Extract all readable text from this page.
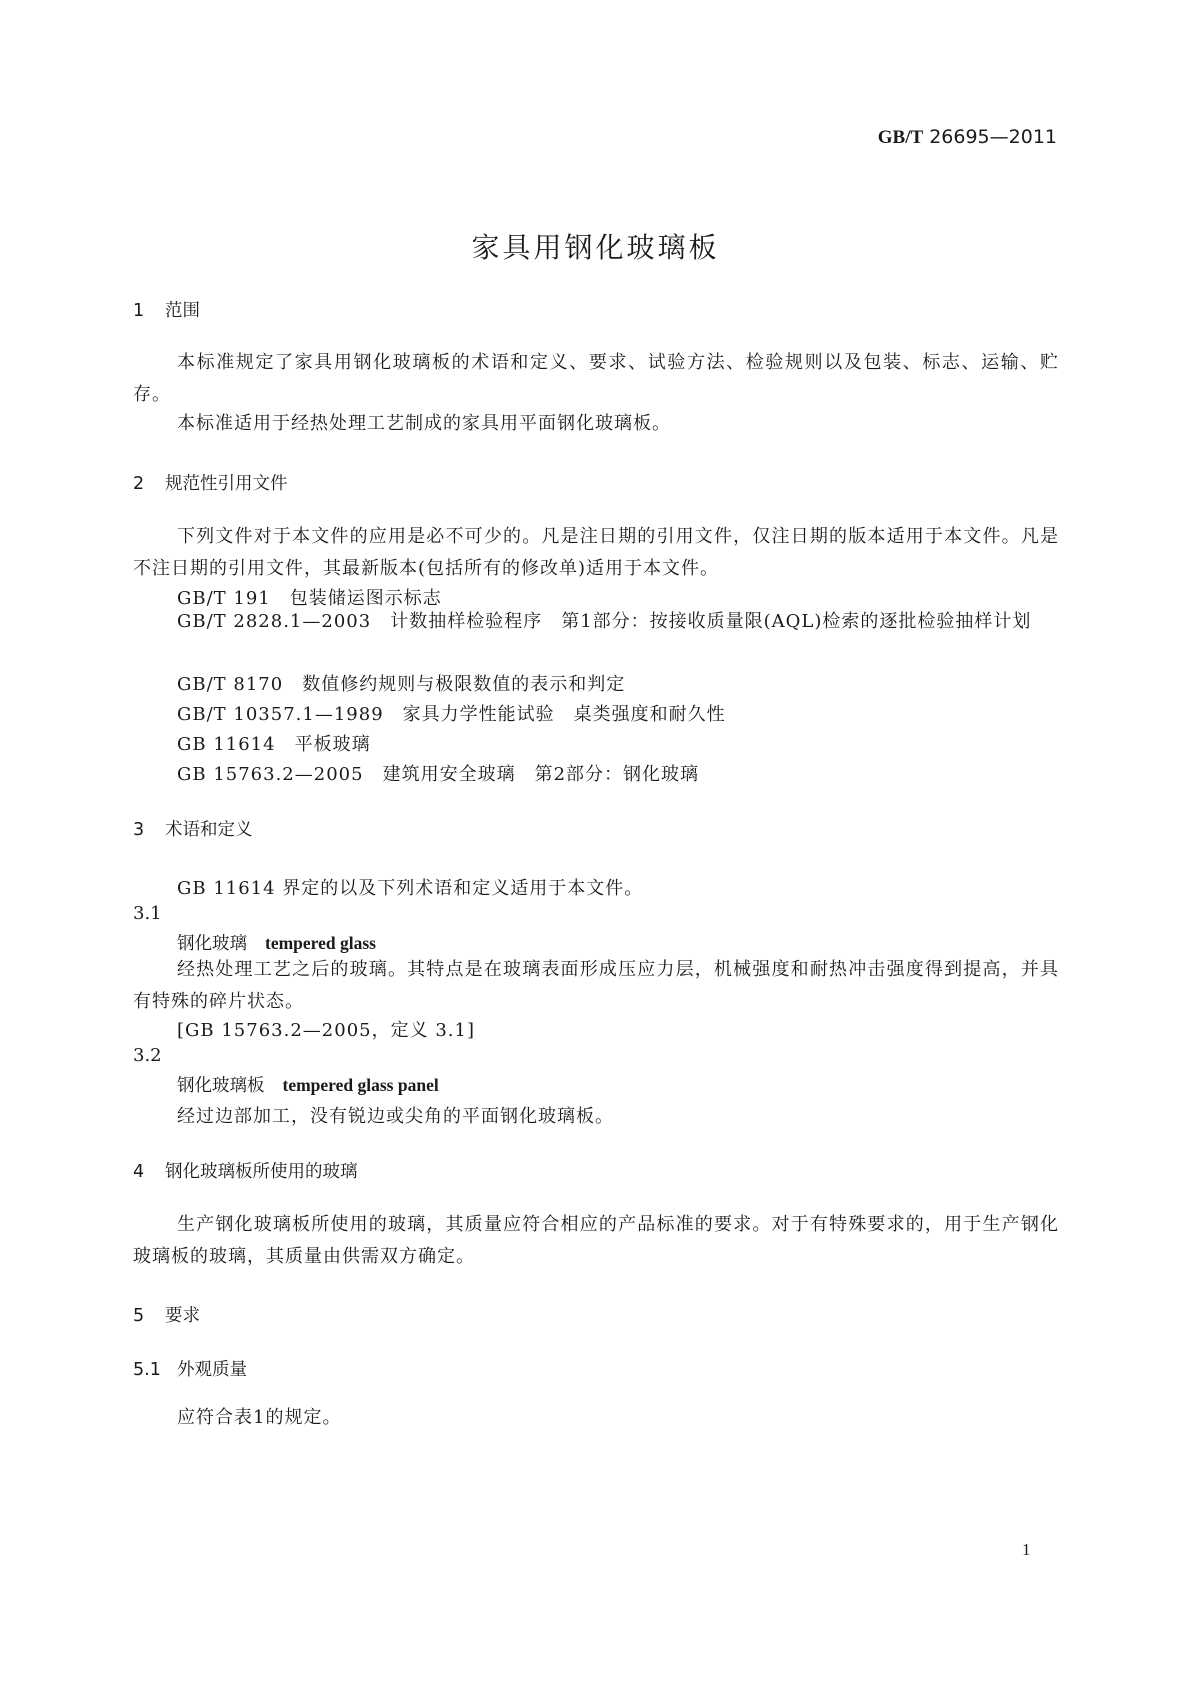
GB/T 26695—2011
家具用钢化玻璃板
1 范围
本标准规定了家具用钢化玻璃板的术语和定义、要求、试验方法、检验规则以及包装、标志、运输、贮存。
本标准适用于经热处理工艺制成的家具用平面钢化玻璃板。
2 规范性引用文件
下列文件对于本文件的应用是必不可少的。凡是注日期的引用文件，仅注日期的版本适用于本文件。凡是不注日期的引用文件，其最新版本(包括所有的修改单)适用于本文件。
GB/T 191　包装储运图示标志
GB/T 2828.1—2003　计数抽样检验程序　第1部分：按接收质量限(AQL)检索的逐批检验抽样计划
GB/T 8170　数值修约规则与极限数值的表示和判定
GB/T 10357.1—1989　家具力学性能试验　桌类强度和耐久性
GB 11614　平板玻璃
GB 15763.2—2005　建筑用安全玻璃　第2部分：钢化玻璃
3 术语和定义
GB 11614 界定的以及下列术语和定义适用于本文件。
3.1
钢化玻璃 tempered glass
经热处理工艺之后的玻璃。其特点是在玻璃表面形成压应力层，机械强度和耐热冲击强度得到提高，并具有特殊的碎片状态。
[GB 15763.2—2005，定义 3.1]
3.2
钢化玻璃板 tempered glass panel
经过边部加工，没有锐边或尖角的平面钢化玻璃板。
4 钢化玻璃板所使用的玻璃
生产钢化玻璃板所使用的玻璃，其质量应符合相应的产品标准的要求。对于有特殊要求的，用于生产钢化玻璃板的玻璃，其质量由供需双方确定。
5 要求
5.1 外观质量
应符合表1的规定。
1
